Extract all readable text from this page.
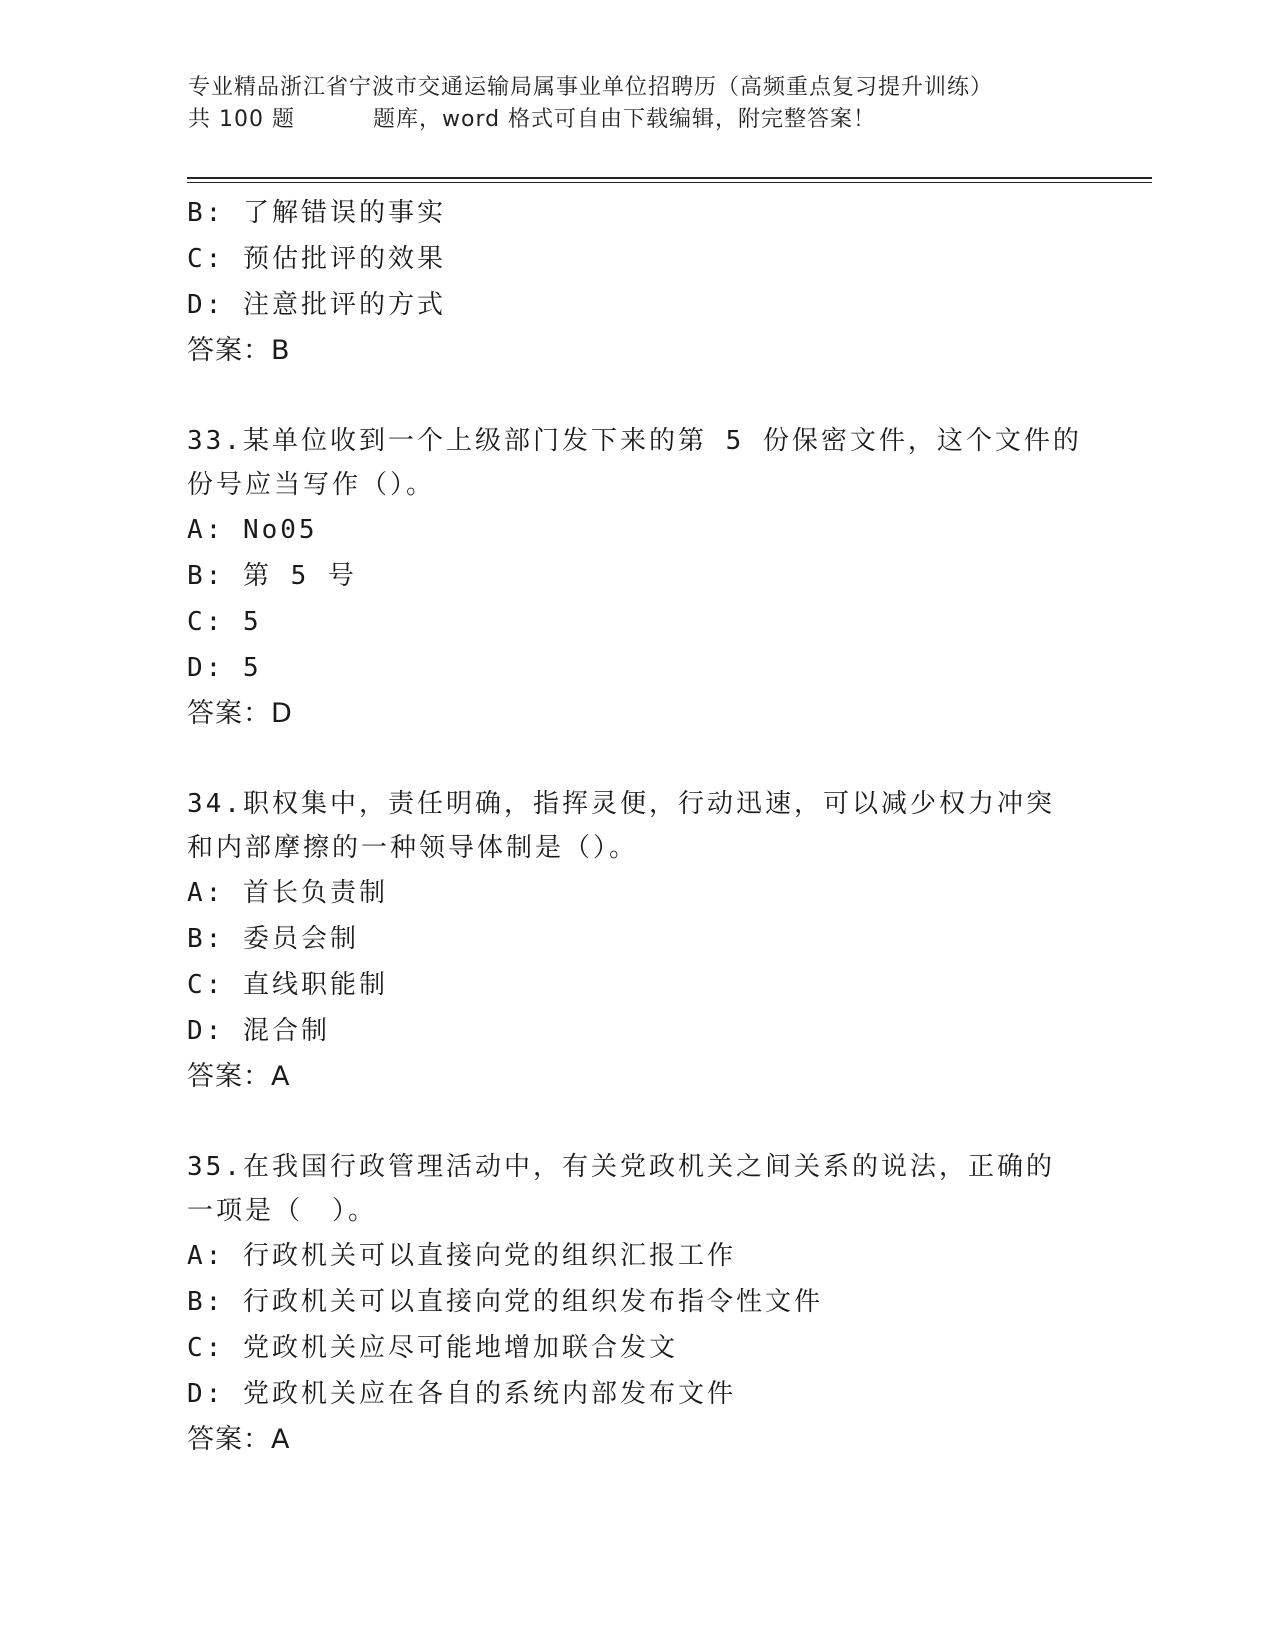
专业精品浙江省宁波市交通运输局属事业单位招聘历（高频重点复习提升训练）
共 100 题	题库，word 格式可自由下载编辑，附完整答案！
B: 了解错误的事实
C: 预估批评的效果
D: 注意批评的方式
答案：B
33.某单位收到一个上级部门发下来的第 5 份保密文件，这个文件的份号应当写作（）。
A: No05
B: 第 5 号
C: 5
D: 5
答案：D
34.职权集中，责任明确，指挥灵便，行动迅速，可以减少权力冲突和内部摩擦的一种领导体制是（）。
A: 首长负责制
B: 委员会制
C: 直线职能制
D: 混合制
答案：A
35.在我国行政管理活动中，有关党政机关之间关系的说法，正确的一项是（　）。
A: 行政机关可以直接向党的组织汇报工作
B: 行政机关可以直接向党的组织发布指令性文件
C: 党政机关应尽可能地增加联合发文
D: 党政机关应在各自的系统内部发布文件
答案：A
